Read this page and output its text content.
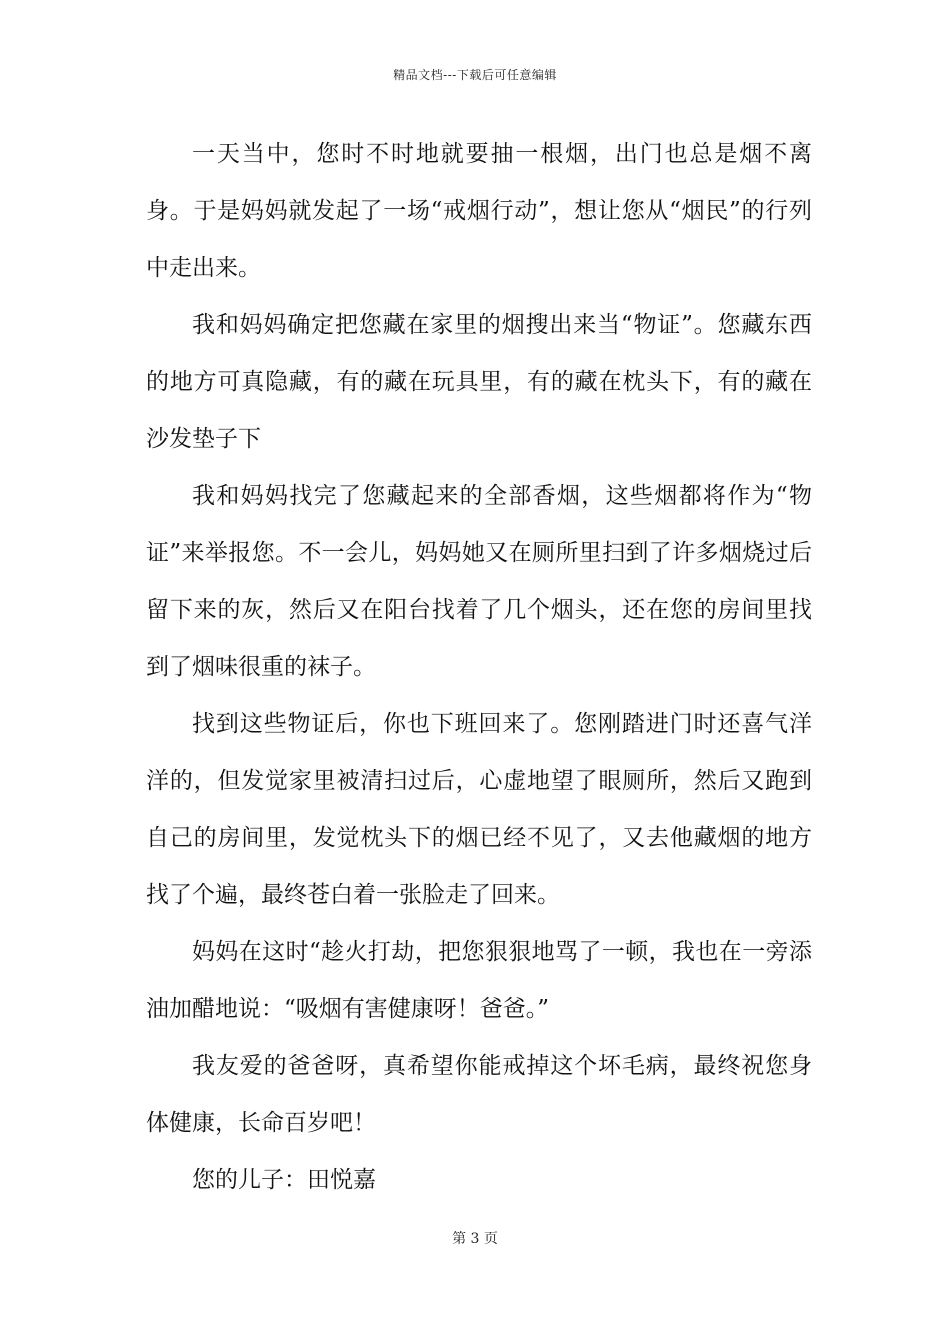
精品文档---下载后可任意编辑

一天当中，您时不时地就要抽一根烟，出门也总是烟不离身。于是妈妈就发起了一场“戒烟行动”，想让您从“烟民”的行列中走出来。

我和妈妈确定把您藏在家里的烟搜出来当“物证”。您藏东西的地方可真隐藏，有的藏在玩具里，有的藏在枕头下，有的藏在沙发垫子下

我和妈妈找完了您藏起来的全部香烟，这些烟都将作为“物证”来举报您。不一会儿，妈妈她又在厕所里扫到了许多烟烧过后留下来的灰，然后又在阳台找着了几个烟头，还在您的房间里找到了烟味很重的袜子。

找到这些物证后，你也下班回来了。您刚踏进门时还喜气洋洋的，但发觉家里被清扫过后，心虚地望了眼厕所，然后又跑到自己的房间里，发觉枕头下的烟已经不见了，又去他藏烟的地方找了个遍，最终苍白着一张脸走了回来。

妈妈在这时“趁火打劫，把您狠狠地骂了一顿，我也在一旁添油加醋地说：“吸烟有害健康呀！爸爸。”

我友爱的爸爸呀，真希望你能戒掉这个坏毛病，最终祝您身体健康，长命百岁吧！

您的儿子：田悦嘉

第 3 页
